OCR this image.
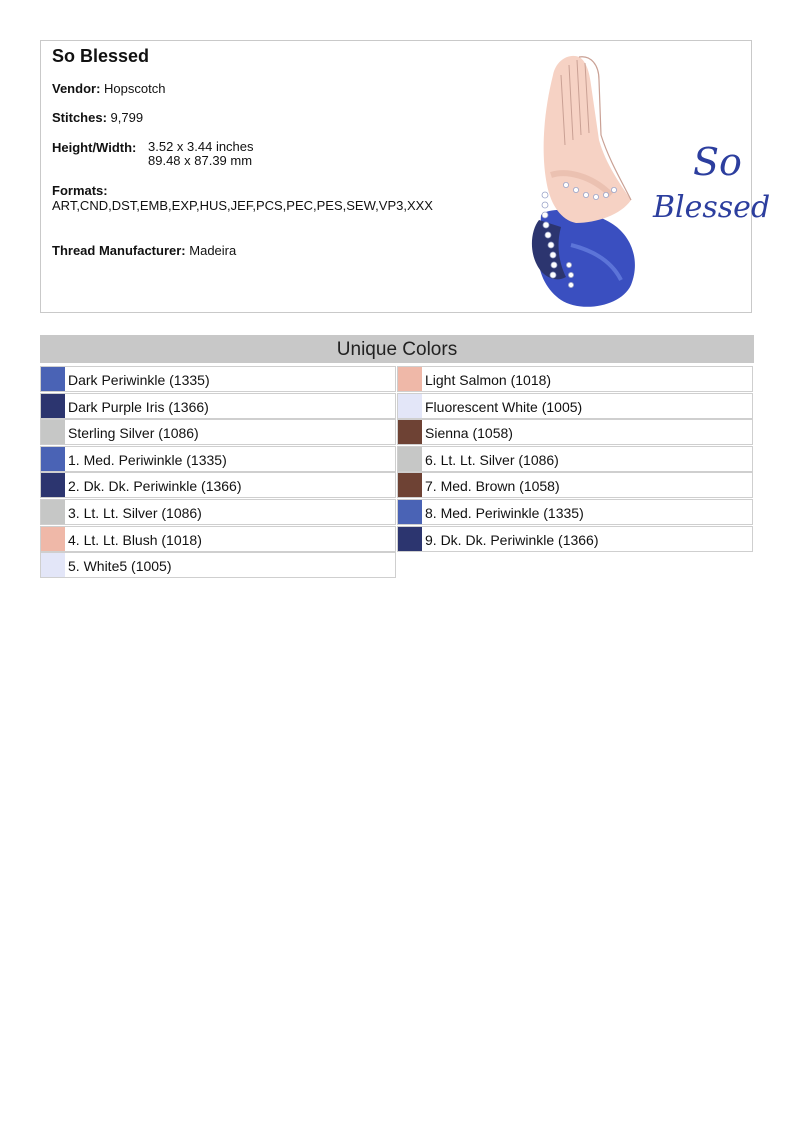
So Blessed
Vendor: Hopscotch
Stitches: 9,799
Height/Width: 3.52 x 3.44 inches
89.48 x 87.39 mm
Formats:
ART,CND,DST,EMB,EXP,HUS,JEF,PCS,PEC,PES,SEW,VP3,XXX
Thread Manufacturer: Madeira
So
Blessed
Unique Colors
Dark Periwinkle (1335)
Dark Purple Iris (1366)
Sterling Silver (1086)
1. Med. Periwinkle (1335)
2. Dk. Dk. Periwinkle (1366)
3. Lt. Lt. Silver (1086)
4. Lt. Lt. Blush (1018)
5. White5 (1005)
Light Salmon (1018)
Fluorescent White (1005)
Sienna (1058)
6. Lt. Lt. Silver (1086)
7. Med. Brown (1058)
8. Med. Periwinkle (1335)
9. Dk. Dk. Periwinkle (1366)
